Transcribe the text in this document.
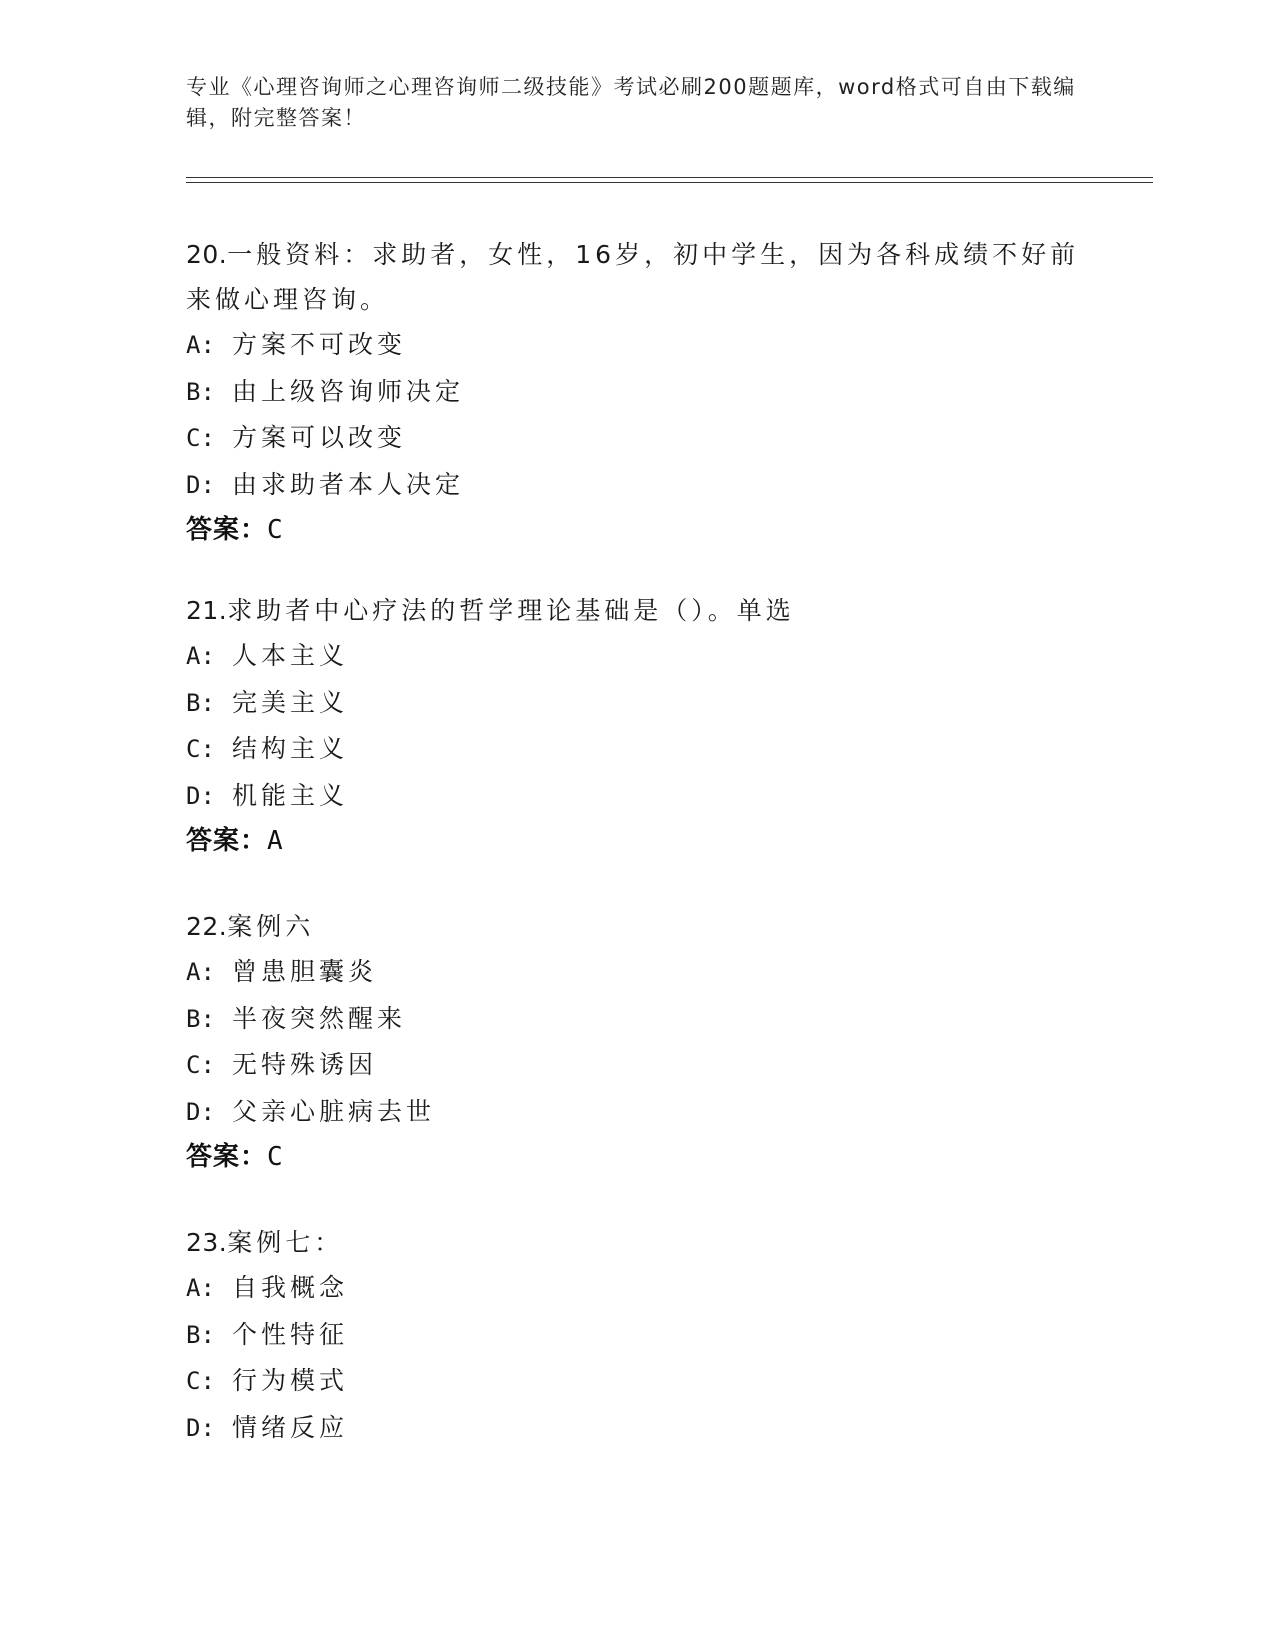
专业《心理咨询师之心理咨询师二级技能》考试必刷200题题库，word格式可自由下载编辑，附完整答案！
20.一般资料：求助者，女性，16岁，初中学生，因为各科成绩不好前来做心理咨询。
A: 方案不可改变
B: 由上级咨询师决定
C: 方案可以改变
D: 由求助者本人决定
答案：C
21.求助者中心疗法的哲学理论基础是（）。单选
A: 人本主义
B: 完美主义
C: 结构主义
D: 机能主义
答案：A
22.案例六
A: 曾患胆囊炎
B: 半夜突然醒来
C: 无特殊诱因
D: 父亲心脏病去世
答案：C
23.案例七：
A: 自我概念
B: 个性特征
C: 行为模式
D: 情绪反应
